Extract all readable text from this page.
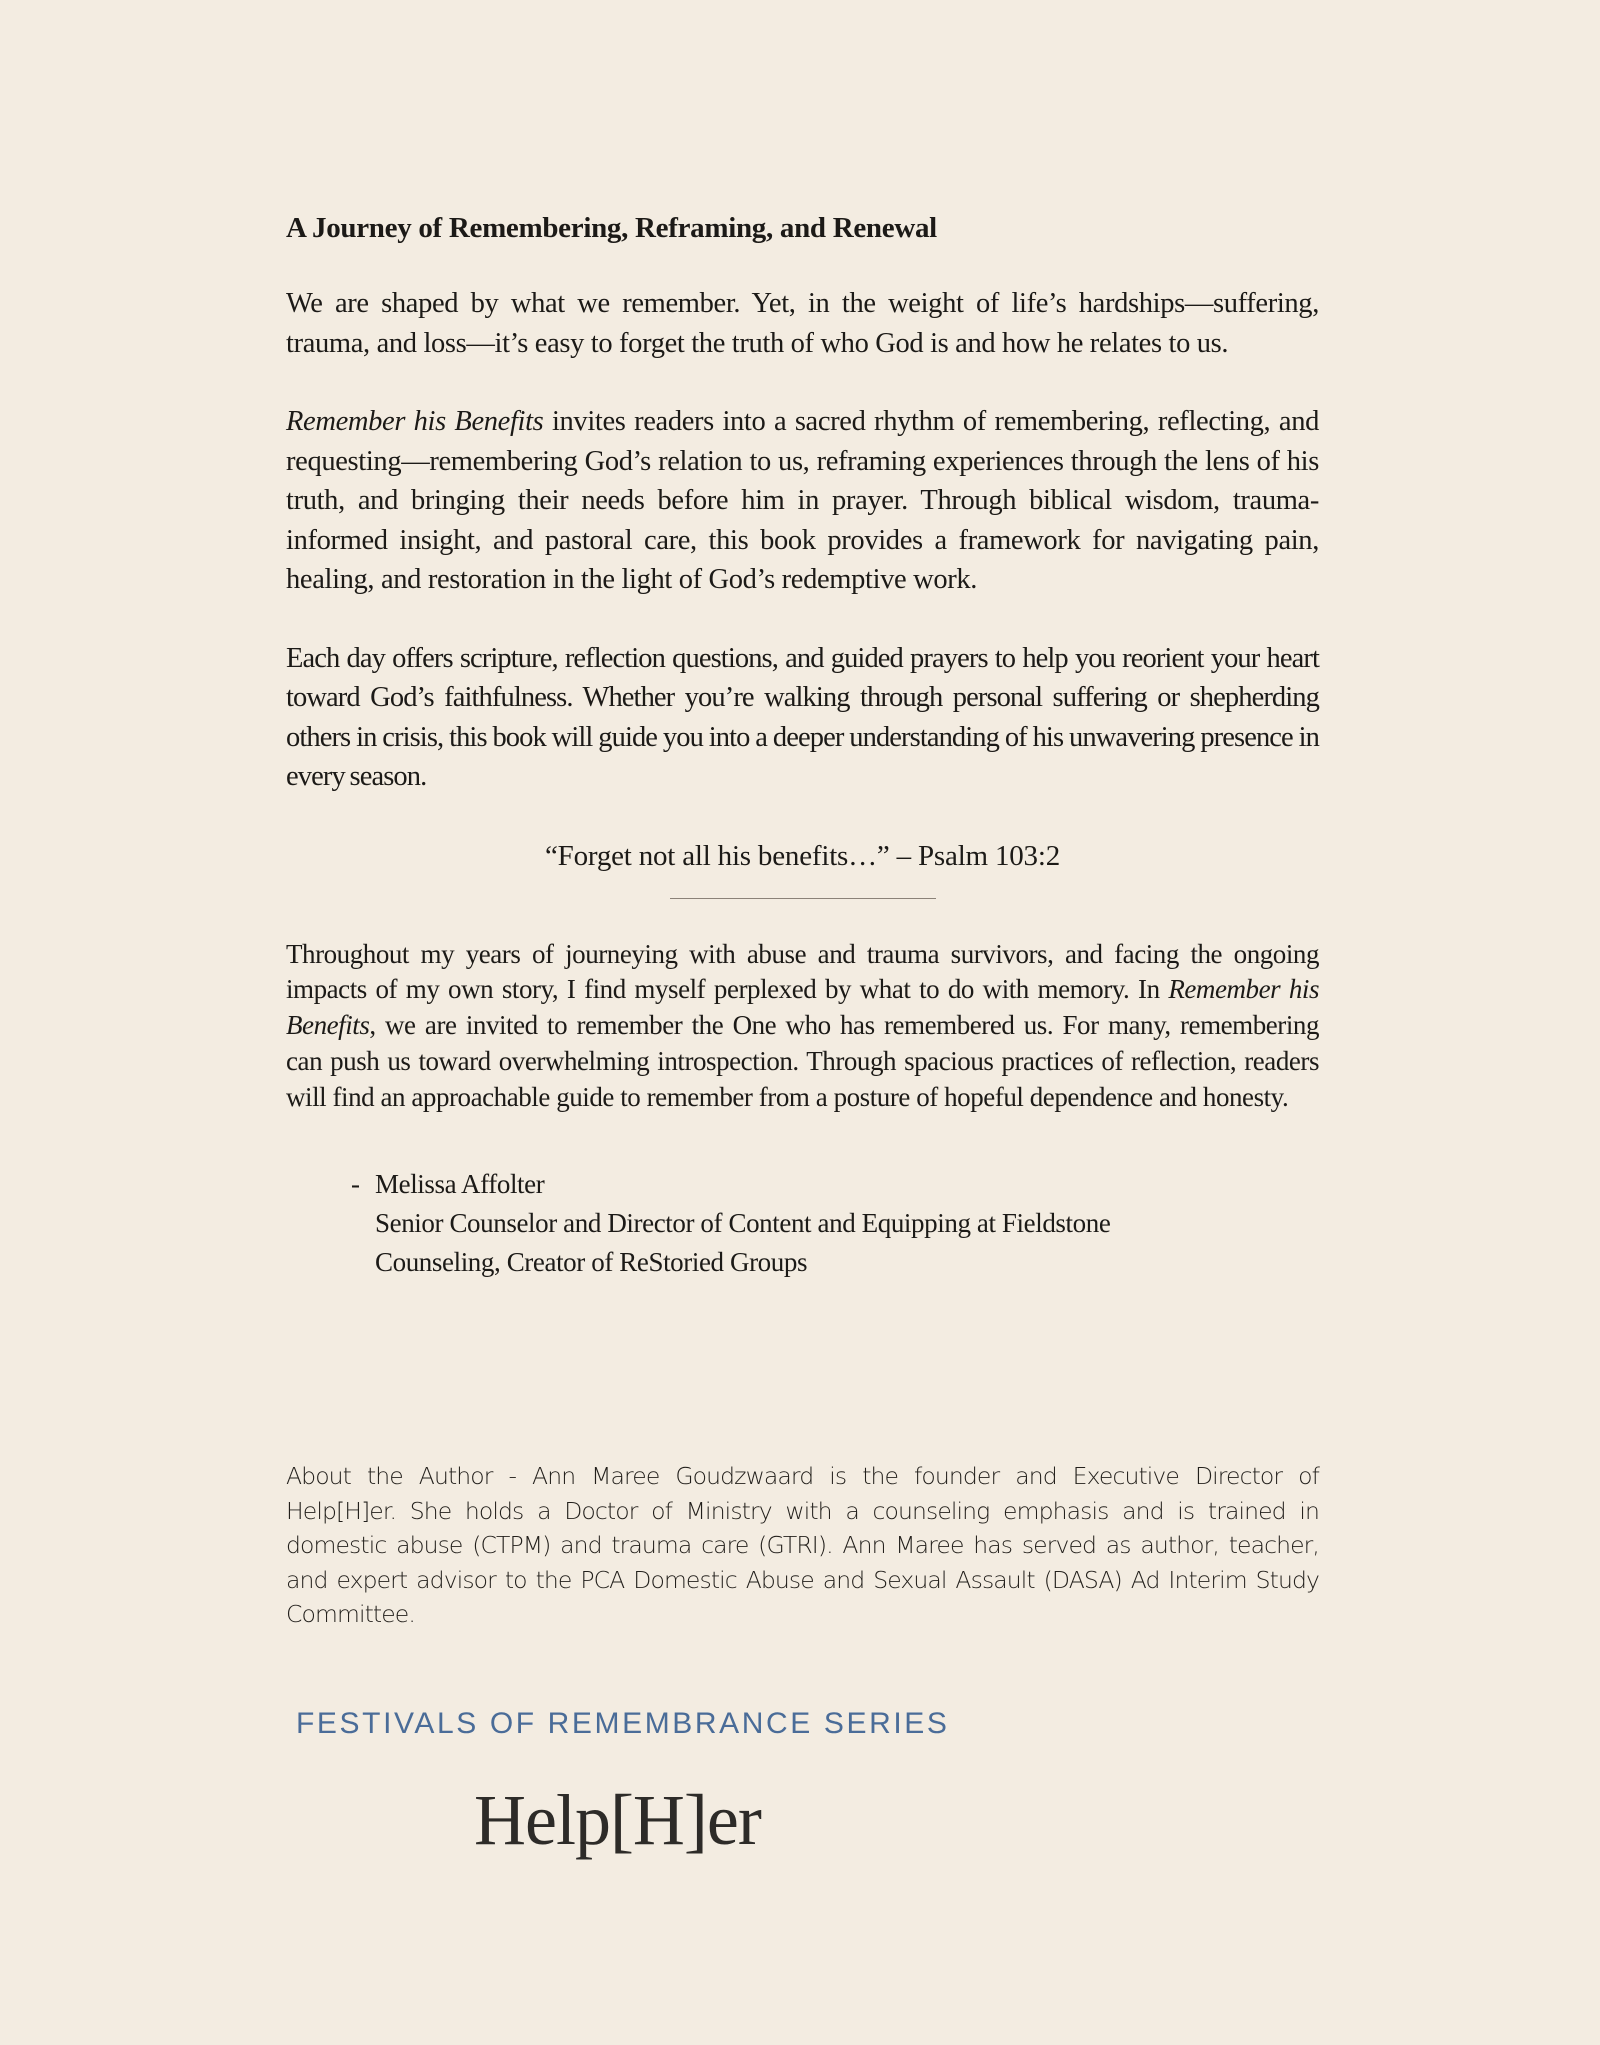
A Journey of Remembering, Reframing, and Renewal

We are shaped by what we remember. Yet, in the weight of life’s hardships—suffering, trauma, and loss—it’s easy to forget the truth of who God is and how he relates to us.

Remember his Benefits invites readers into a sacred rhythm of remembering, reflecting, and requesting—remembering God’s relation to us, reframing experiences through the lens of his truth, and bringing their needs before him in prayer. Through biblical wisdom, trauma-informed insight, and pastoral care, this book provides a framework for navigating pain, healing, and restoration in the light of God’s redemptive work.

Each day offers scripture, reflection questions, and guided prayers to help you reorient your heart toward God’s faithfulness. Whether you’re walking through personal suffering or shepherding others in crisis, this book will guide you into a deeper understanding of his unwavering presence in every season.

“Forget not all his benefits…” – Psalm 103:2

Throughout my years of journeying with abuse and trauma survivors, and facing the ongoing impacts of my own story, I find myself perplexed by what to do with memory. In Remember his Benefits, we are invited to remember the One who has remembered us. For many, remembering can push us toward overwhelming introspection. Through spacious practices of reflection, readers will find an approachable guide to remember from a posture of hopeful dependence and honesty.

- Melissa Affolter
Senior Counselor and Director of Content and Equipping at Fieldstone
Counseling, Creator of ReStoried Groups

About the Author - Ann Maree Goudzwaard is the founder and Executive Director of Help[H]er. She holds a Doctor of Ministry with a counseling emphasis and is trained in domestic abuse (CTPM) and trauma care (GTRI). Ann Maree has served as author, teacher, and expert advisor to the PCA Domestic Abuse and Sexual Assault (DASA) Ad Interim Study Committee.

FESTIVALS OF REMEMBRANCE SERIES
Help[H]er
